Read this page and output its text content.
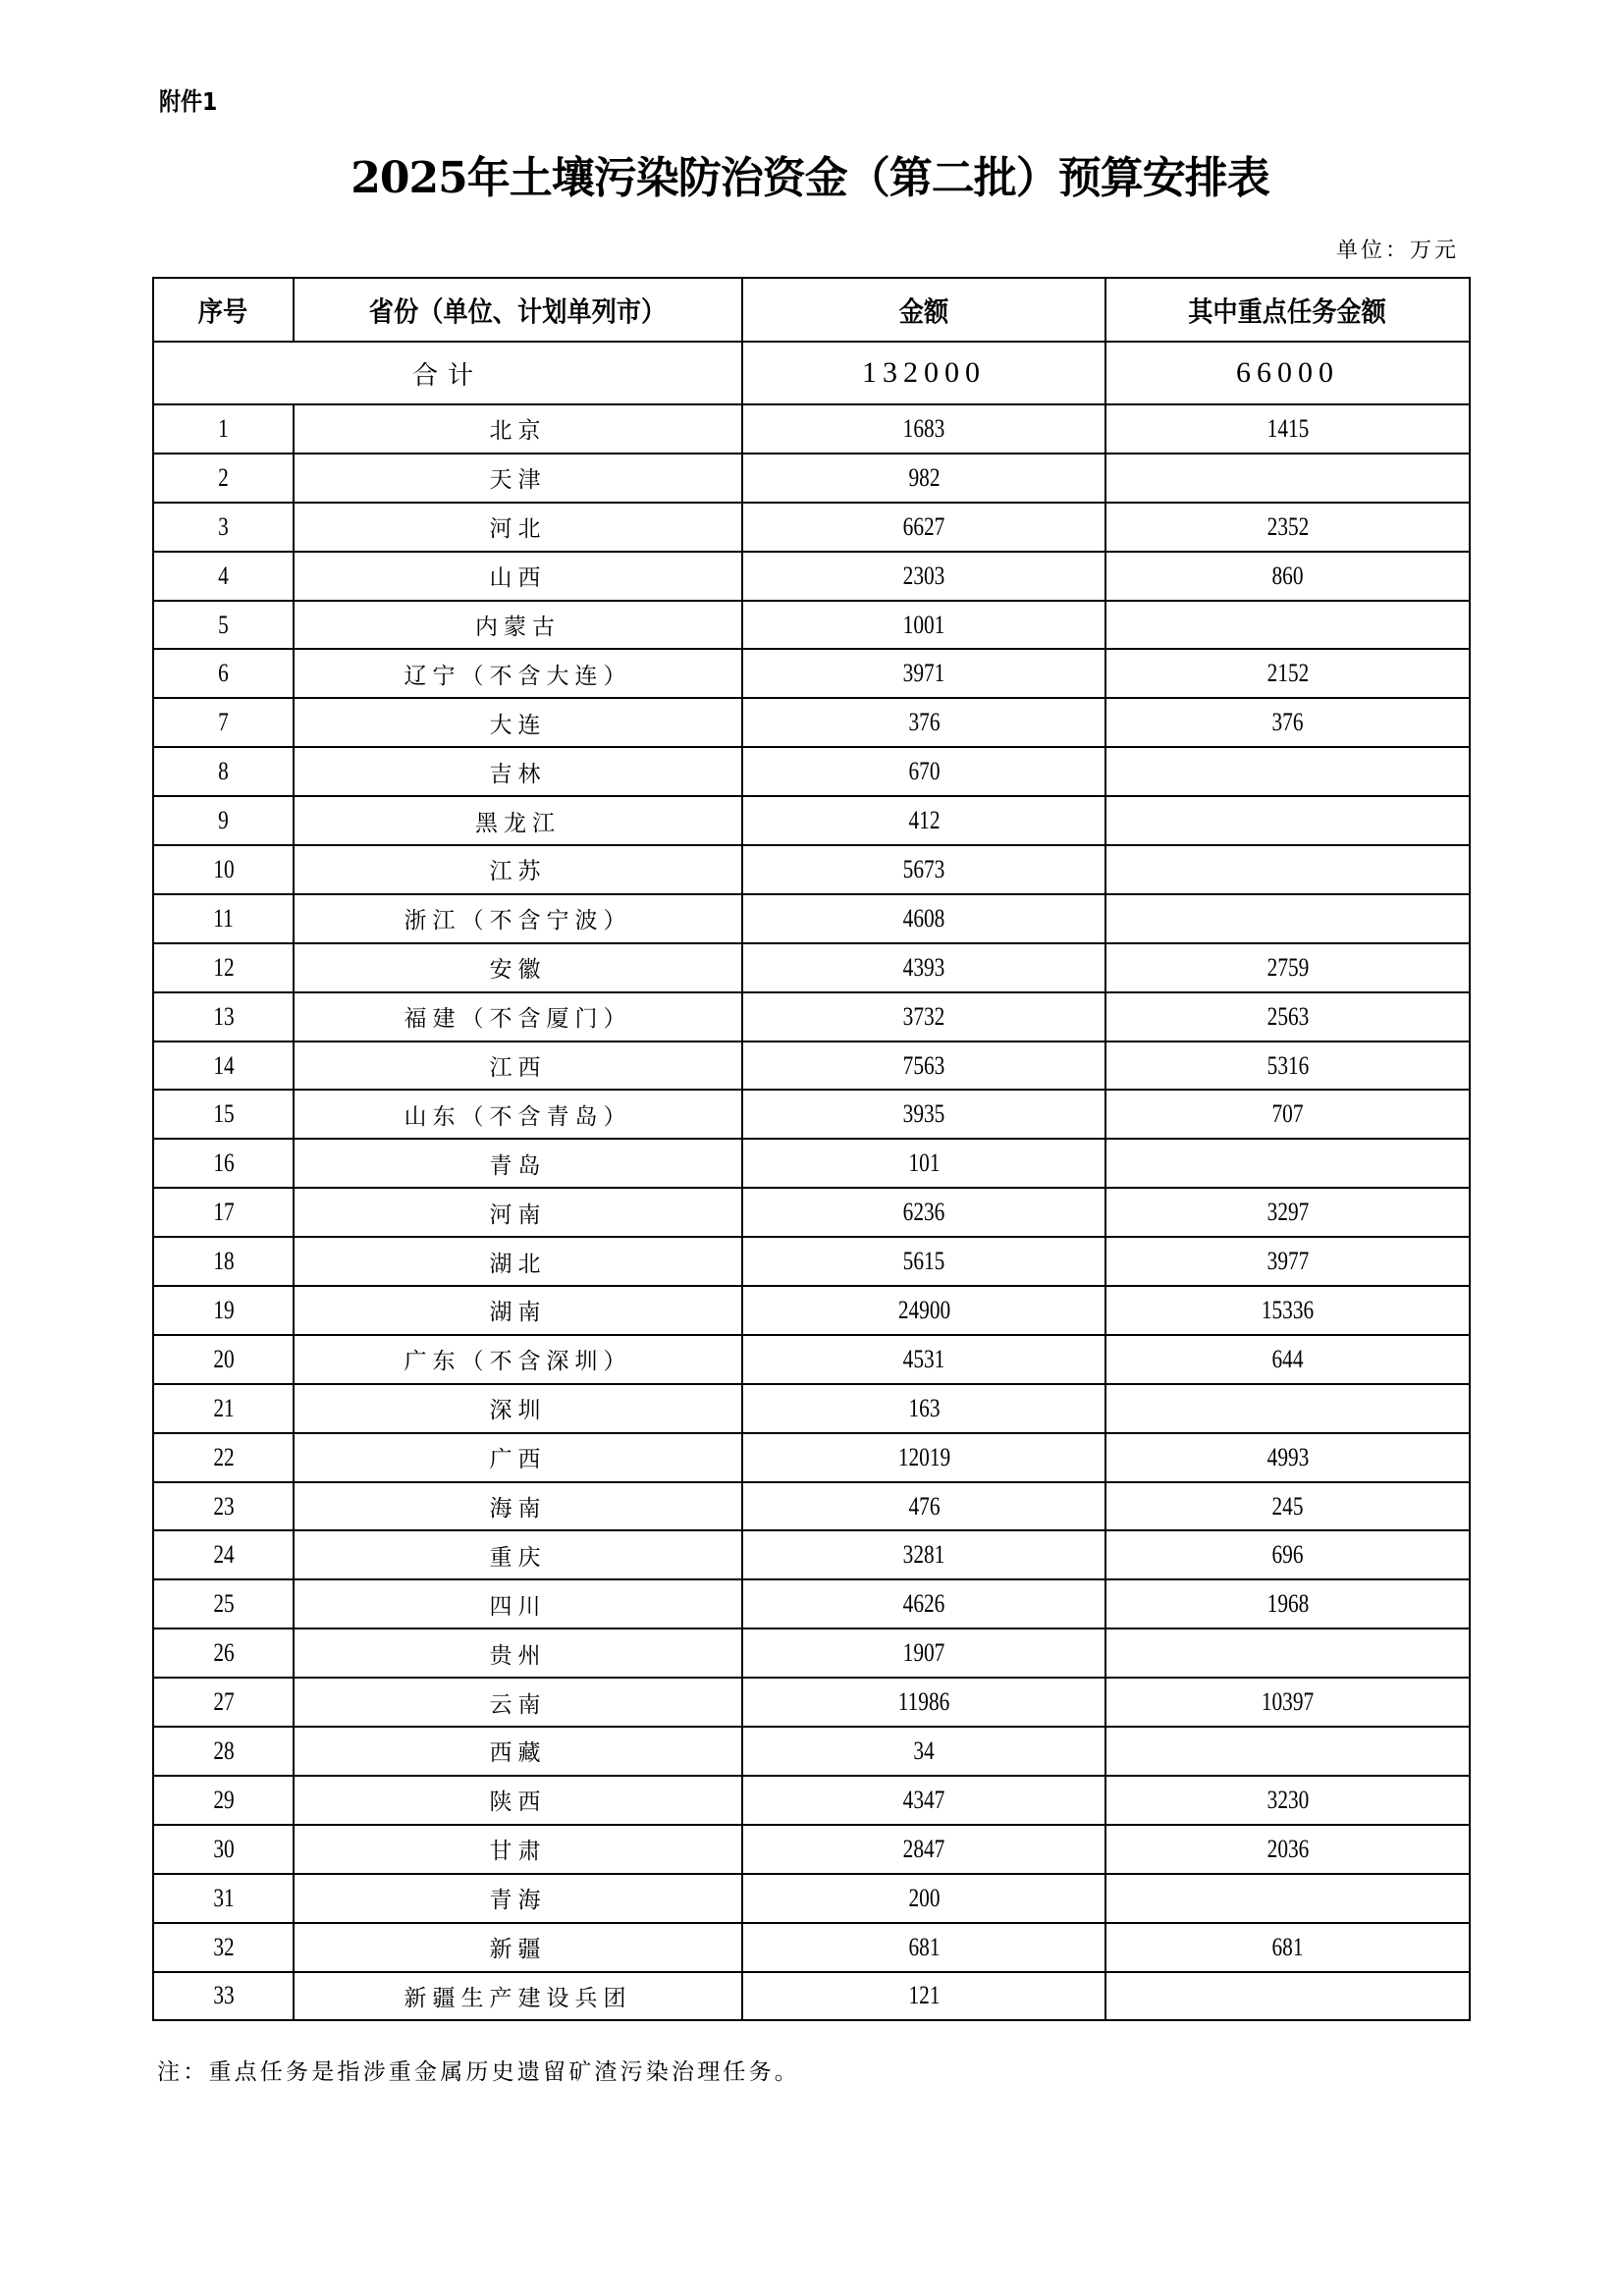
附件1
2025年土壤污染防治资金（第二批）预算安排表
单位：万元
序号	省份（单位、计划单列市）	金额	其中重点任务金额
合计		132000	66000
1	北京	1683	1415
2	天津	982	
3	河北	6627	2352
4	山西	2303	860
5	内蒙古	1001	
6	辽宁（不含大连）	3971	2152
7	大连	376	376
8	吉林	670	
9	黑龙江	412	
10	江苏	5673	
11	浙江（不含宁波）	4608	
12	安徽	4393	2759
13	福建（不含厦门）	3732	2563
14	江西	7563	5316
15	山东（不含青岛）	3935	707
16	青岛	101	
17	河南	6236	3297
18	湖北	5615	3977
19	湖南	24900	15336
20	广东（不含深圳）	4531	644
21	深圳	163	
22	广西	12019	4993
23	海南	476	245
24	重庆	3281	696
25	四川	4626	1968
26	贵州	1907	
27	云南	11986	10397
28	西藏	34	
29	陕西	4347	3230
30	甘肃	2847	2036
31	青海	200	
32	新疆	681	681
33	新疆生产建设兵团	121	
注：重点任务是指涉重金属历史遗留矿渣污染治理任务。
